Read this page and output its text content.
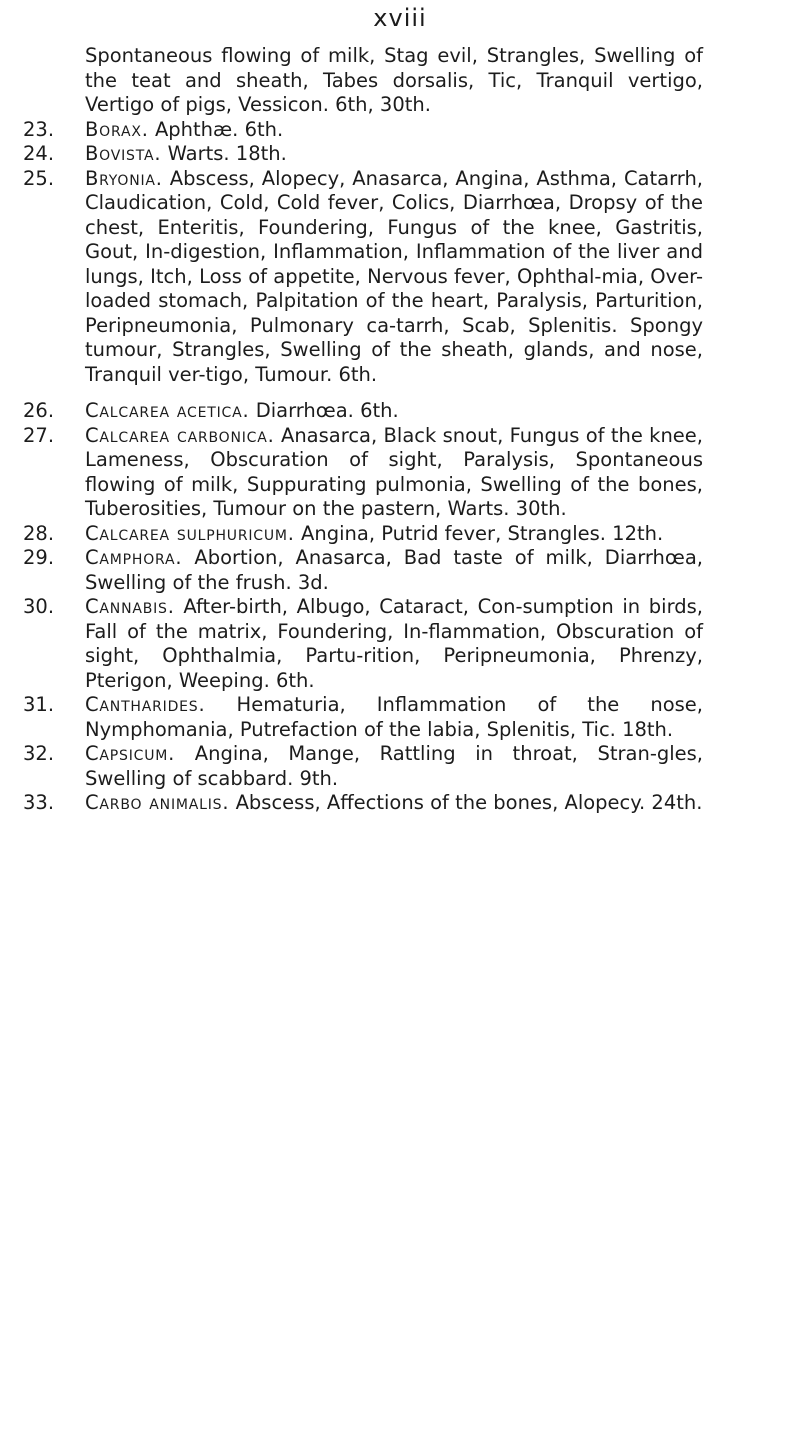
xviii

Spontaneous flowing of milk, Stag evil, Strangles, Swelling of the teat and sheath, Tabes dorsalis, Tic, Tranquil vertigo, Vertigo of pigs, Vessicon. 6th, 30th.

23. Borax. Aphthæ. 6th.

24. Bovista. Warts. 18th.

25. Bryonia. Abscess, Alopecy, Anasarca, Angina, Asthma, Catarrh, Claudication, Cold, Cold fever, Colics, Diarrhœa, Dropsy of the chest, Enteritis, Foundering, Fungus of the knee, Gastritis, Gout, In-digestion, Inflammation, Inflammation of the liver and lungs, Itch, Loss of appetite, Nervous fever, Ophthal-mia, Over-loaded stomach, Palpitation of the heart, Paralysis, Parturition, Peripneumonia, Pulmonary ca-tarrh, Scab, Splenitis. Spongy tumour, Strangles, Swelling of the sheath, glands, and nose, Tranquil ver-tigo, Tumour. 6th.

26. Calcarea acetica. Diarrhœa. 6th.

27. Calcarea carbonica. Anasarca, Black snout, Fungus of the knee, Lameness, Obscuration of sight, Paralysis, Spontaneous flowing of milk, Suppurating pulmonia, Swelling of the bones, Tuberosities, Tumour on the pastern, Warts. 30th.

28. Calcarea sulphuricum. Angina, Putrid fever, Strangles. 12th.

29. Camphora. Abortion, Anasarca, Bad taste of milk, Diarrhœa, Swelling of the frush. 3d.

30. Cannabis. After-birth, Albugo, Cataract, Con-sumption in birds, Fall of the matrix, Foundering, In-flammation, Obscuration of sight, Ophthalmia, Partu-rition, Peripneumonia, Phrenzy, Pterigon, Weeping. 6th.

31. Cantharides. Hematuria, Inflammation of the nose, Nymphomania, Putrefaction of the labia, Splenitis, Tic. 18th.

32. Capsicum. Angina, Mange, Rattling in throat, Stran-gles, Swelling of scabbard. 9th.

33. Carbo animalis. Abscess, Affections of the bones, Alopecy. 24th.
